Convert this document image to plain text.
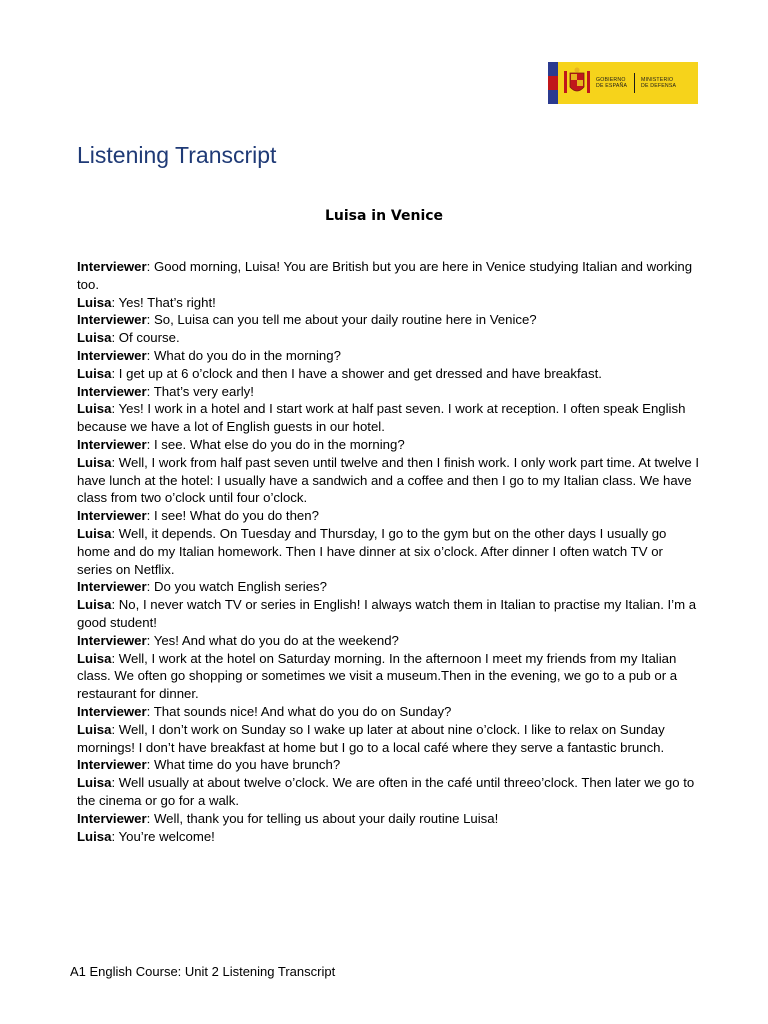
GOBIERNO DE ESPAÑA
MINISTERIO DE DEFENSA
Listening Transcript
Luisa in Venice

Interviewer: Good morning, Luisa! You are British but you are here in Venice studying Italian and working too.

Luisa: Yes! That’s right!

Interviewer: So, Luisa can you tell me about your daily routine here in Venice?

Luisa: Of course.

Interviewer: What do you do in the morning?

Luisa: I get up at 6 o’clock and then I have a shower and get dressed and have breakfast.

Interviewer: That’s very early!

Luisa: Yes! I work in a hotel and I start work at half past seven. I work at reception. I often speak English because we have a lot of English guests in our hotel.

Interviewer: I see. What else do you do in the morning?

Luisa: Well, I work from half past seven until twelve and then I finish work. I only work part time. At twelve I have lunch at the hotel: I usually have a sandwich and a coffee and then I go to my Italian class. We have class from two o’clock until four o’clock.

Interviewer: I see! What do you do then?

Luisa: Well, it depends. On Tuesday and Thursday, I go to the gym but on the other days I usually go home and do my Italian homework. Then I have dinner at six o’clock. After dinner I often watch TV or series on Netflix.

Interviewer: Do you watch English series?

Luisa: No, I never watch TV or series in English! I always watch them in Italian to practise my Italian. I’m a good student!

Interviewer: Yes! And what do you do at the weekend?

Luisa: Well, I work at the hotel on Saturday morning. In the afternoon I meet my friends from my Italian class. We often go shopping or sometimes we visit a museum.Then in the evening, we go to a pub or a restaurant for dinner.

Interviewer: That sounds nice! And what do you do on Sunday?

Luisa: Well, I don’t work on Sunday so I wake up later at about nine o’clock. I like to relax on Sunday mornings! I don’t have breakfast at home but I go to a local café where they serve a fantastic brunch.

Interviewer: What time do you have brunch?

Luisa: Well usually at about twelve o’clock. We are often in the café until threeo’clock. Then later we go to the cinema or go for a walk.

Interviewer: Well, thank you for telling us about your daily routine Luisa!

Luisa: You’re welcome!

A1 English Course: Unit 2 Listening Transcript
